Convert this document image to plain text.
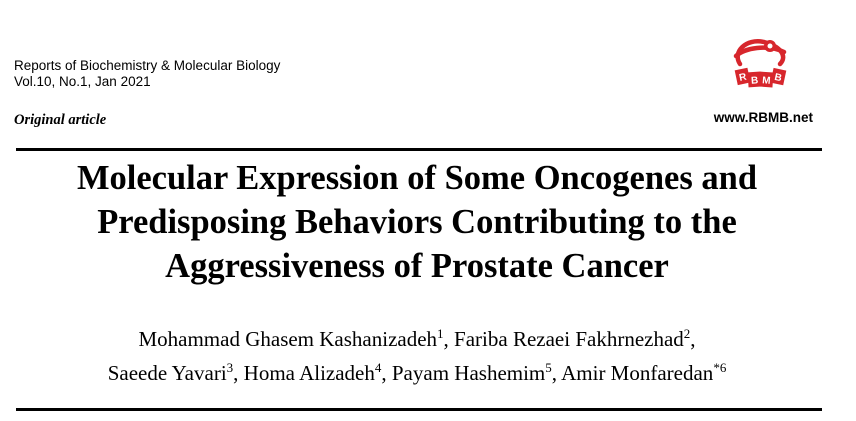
Reports of Biochemistry & Molecular Biology
Vol.10, No.1, Jan 2021
Original article
R B M B
www.RBMB.net
Molecular Expression of Some Oncogenes and
Predisposing Behaviors Contributing to the
Aggressiveness of Prostate Cancer
Mohammad Ghasem Kashanizadeh$^1$, Fariba Rezaei Fakhrnezhad$^2$,
Saeede Yavari$^3$, Homa Alizadeh$^4$, Payam Hashemim$^5$, Amir Monfaredan$^{*6}$
